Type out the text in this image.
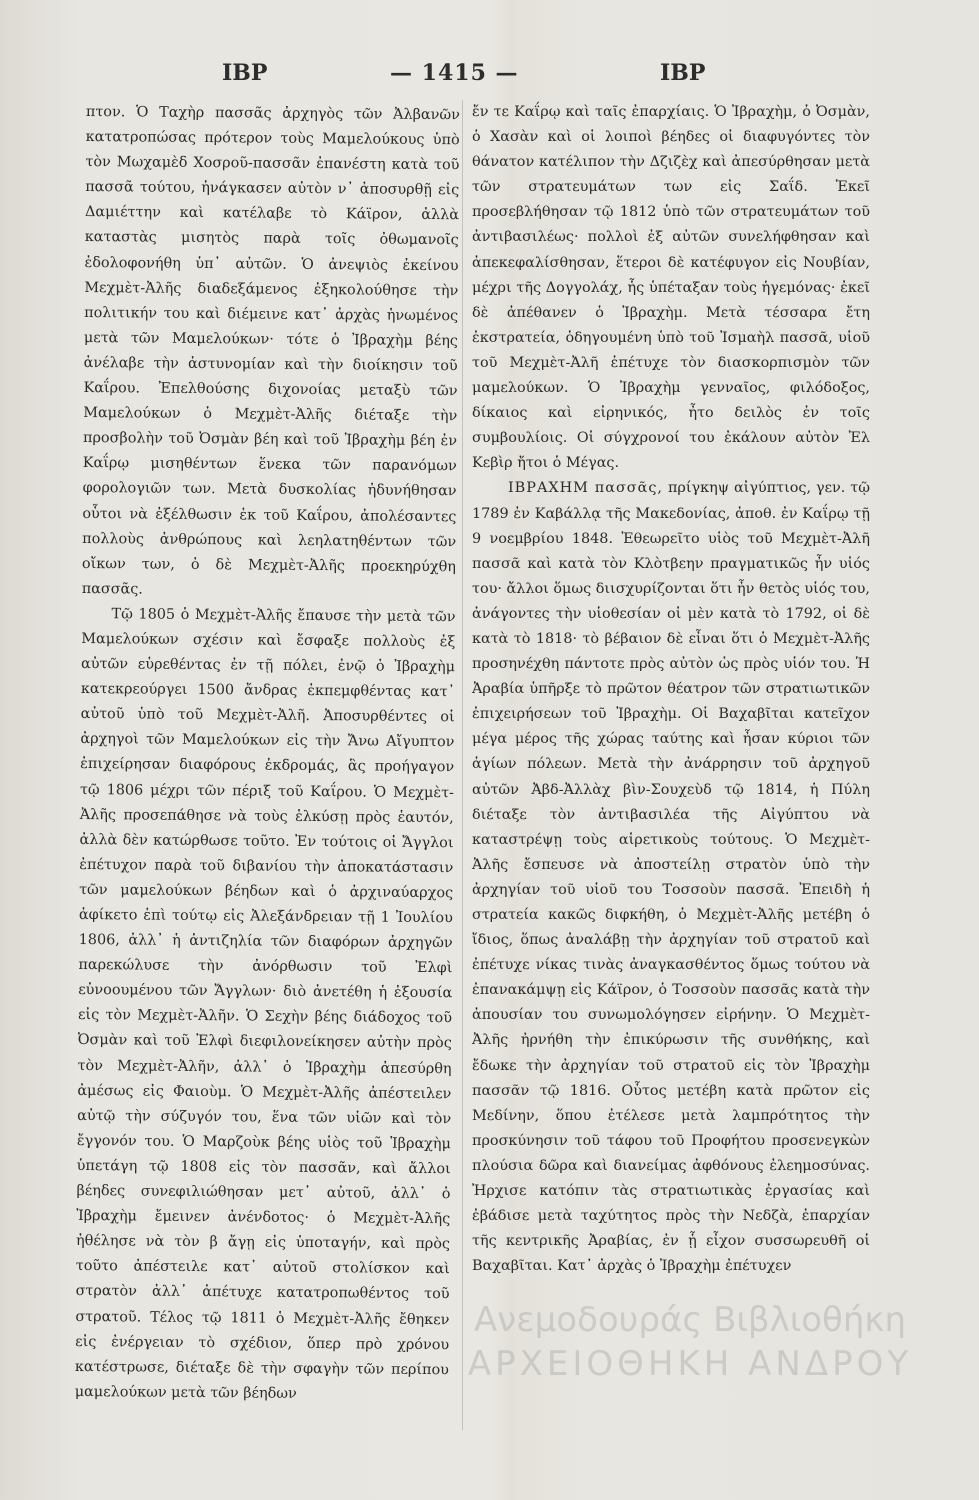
ΙΒΡ	— 1415 —	ΙΒΡ

πτον. Ὁ Ταχὴρ πασσᾶς ἀρχηγὸς τῶν Ἀλβανῶν κατατροπώσας πρότερον τοὺς Μαμελούκους ὑπὸ τὸν Μωχαμὲδ Χοσροῦ-πασσᾶν ἐπανέστη κατὰ τοῦ πασσᾶ τούτου, ἠνάγκασεν αὐτὸν ν᾿ ἀποσυρθῇ εἰς Δαμιέττην καὶ κατέλαβε τὸ Κάϊρον, ἀλλὰ καταστὰς μισητὸς παρὰ τοῖς ὀθωμανοῖς ἐδολοφονήθη ὑπ᾿ αὐτῶν. Ὁ ἀνεψιὸς ἐκείνου Μεχμὲτ-Ἀλῆς διαδεξάμενος ἐξηκολούθησε τὴν πολιτικήν του καὶ διέμεινε κατ᾿ ἀρχὰς ἡνωμένος μετὰ τῶν Μαμελούκων· τότε ὁ Ἰβραχὴμ βέης ἀνέλαβε τὴν ἀστυνομίαν καὶ τὴν διοίκησιν τοῦ Καΐρου. Ἐπελθούσης διχονοίας μεταξὺ τῶν Μαμελούκων ὁ Μεχμὲτ-Ἀλῆς διέταξε τὴν προσβολὴν τοῦ Ὀσμὰν βέη καὶ τοῦ Ἰβραχὴμ βέη ἐν Καΐρῳ μισηθέντων ἕνεκα τῶν παρανόμων φορολογιῶν των. Μετὰ δυσκολίας ἠδυνήθησαν οὗτοι νὰ ἐξέλθωσιν ἐκ τοῦ Καΐρου, ἀπολέσαντες πολλοὺς ἀνθρώπους καὶ λεηλατηθέντων τῶν οἴκων των, ὁ δὲ Μεχμὲτ-Ἀλῆς προεκηρύχθη πασσᾶς.

Τῷ 1805 ὁ Μεχμὲτ-Ἀλῆς ἔπαυσε τὴν μετὰ τῶν Μαμελούκων σχέσιν καὶ ἔσφαξε πολλοὺς ἐξ αὐτῶν εὑρεθέντας ἐν τῇ πόλει, ἐνῷ ὁ Ἰβραχὴμ κατεκρεούργει 1500 ἄνδρας ἐκπεμφθέντας κατ᾿ αὐτοῦ ὑπὸ τοῦ Μεχμὲτ-Ἀλῆ. Ἀποσυρθέντες οἱ ἀρχηγοὶ τῶν Μαμελούκων εἰς τὴν Ἄνω Αἴγυπτον ἐπιχείρησαν διαφόρους ἐκδρομάς, ἃς προήγαγον τῷ 1806 μέχρι τῶν πέριξ τοῦ Καΐρου. Ὁ Μεχμὲτ-Ἀλῆς προσεπάθησε νὰ τοὺς ἑλκύσῃ πρὸς ἑαυτόν, ἀλλὰ δὲν κατώρθωσε τοῦτο. Ἐν τούτοις οἱ Ἄγγλοι ἐπέτυχον παρὰ τοῦ διβανίου τὴν ἀποκατάστασιν τῶν μαμελούκων βέηδων καὶ ὁ ἀρχιναύαρχος ἀφίκετο ἐπὶ τούτῳ εἰς Ἀλεξάνδρειαν τῇ 1 Ἰουλίου 1806, ἀλλ᾿ ἡ ἀντιζηλία τῶν διαφόρων ἀρχηγῶν παρεκώλυσε τὴν ἀνόρθωσιν τοῦ Ἐλφὶ εὐνοουμένου τῶν Ἄγγλων· διὸ ἀνετέθη ἡ ἐξουσία εἰς τὸν Μεχμὲτ-Ἀλῆν. Ὁ Σεχὴν βέης διάδοχος τοῦ Ὀσμὰν καὶ τοῦ Ἐλφὶ διεφιλονείκησεν αὐτὴν πρὸς τὸν Μεχμὲτ-Ἀλῆν, ἀλλ᾿ ὁ Ἰβραχὴμ ἀπεσύρθη ἀμέσως εἰς Φαιοὺμ. Ὁ Μεχμὲτ-Ἀλῆς ἀπέστειλεν αὐτῷ τὴν σύζυγόν του, ἕνα τῶν υἱῶν καὶ τὸν ἔγγονόν του. Ὁ Μαρζοὺκ βέης υἱὸς τοῦ Ἰβραχὴμ ὑπετάγη τῷ 1808 εἰς τὸν πασσᾶν, καὶ ἄλλοι βέηδες συνεφιλιώθησαν μετ᾿ αὐτοῦ, ἀλλ᾿ ὁ Ἰβραχὴμ ἔμεινεν ἀνένδοτος· ὁ Μεχμὲτ-Ἀλῆς ἠθέλησε νὰ τὸν β ἄγῃ εἰς ὑποταγήν, καὶ πρὸς τοῦτο ἀπέστειλε κατ᾿ αὐτοῦ στολίσκον καὶ στρατὸν ἀλλ᾿ ἀπέτυχε κατατροπωθέντος τοῦ στρατοῦ. Τέλος τῷ 1811 ὁ Μεχμὲτ-Ἀλῆς ἔθηκεν εἰς ἐνέργειαν τὸ σχέδιον, ὅπερ πρὸ χρόνου κατέστρωσε, διέταξε δὲ τὴν σφαγὴν τῶν περίπου μαμελούκων μετὰ τῶν βέηδων

ἔν τε Καΐρῳ καὶ ταῖς ἐπαρχίαις. Ὁ Ἰβραχὴμ, ὁ Ὀσμὰν, ὁ Χασὰν καὶ οἱ λοιποὶ βέηδες οἱ διαφυγόντες τὸν θάνατον κατέλιπον τὴν Δζιζὲχ καὶ ἀπεσύρθησαν μετὰ τῶν στρατευμάτων των εἰς Σαΐδ. Ἐκεῖ προσεβλήθησαν τῷ 1812 ὑπὸ τῶν στρατευμάτων τοῦ ἀντιβασιλέως· πολλοὶ ἐξ αὐτῶν συνελήφθησαν καὶ ἀπεκεφαλίσθησαν, ἕτεροι δὲ κατέφυγον εἰς Νουβίαν, μέχρι τῆς Δογγολάχ, ἧς ὑπέταξαν τοὺς ἡγεμόνας· ἐκεῖ δὲ ἀπέθανεν ὁ Ἰβραχὴμ. Μετὰ τέσσαρα ἔτη ἐκστρατεία, ὁδηγουμένη ὑπὸ τοῦ Ἰσμαὴλ πασσᾶ, υἱοῦ τοῦ Μεχμὲτ-Ἀλῆ ἐπέτυχε τὸν διασκορπισμὸν τῶν μαμελούκων. Ὁ Ἰβραχὴμ γενναῖος, φιλόδοξος, δίκαιος καὶ εἰρηνικός, ἦτο δειλὸς ἐν τοῖς συμβουλίοις. Οἱ σύγχρονοί του ἐκάλουν αὐτὸν Ἐλ Κεβὶρ ἤτοι ὁ Μέγας.

ΙΒΡΑΧΗΜ πασσᾶς, πρίγκηψ αἰγύπτιος, γεν. τῷ 1789 ἐν Καβάλλᾳ τῆς Μακεδονίας, ἀποθ. ἐν Καΐρῳ τῇ 9 νοεμβρίου 1848. Ἐθεωρεῖτο υἱὸς τοῦ Μεχμὲτ-Ἀλῆ πασσᾶ καὶ κατὰ τὸν Κλὸτβεην πραγματικῶς ἦν υἱός του· ἄλλοι ὅμως διισχυρίζονται ὅτι ἦν θετὸς υἱός του, ἀνάγοντες τὴν υἱοθεσίαν οἱ μὲν κατὰ τὸ 1792, οἱ δὲ κατὰ τὸ 1818· τὸ βέβαιον δὲ εἶναι ὅτι ὁ Μεχμὲτ-Ἀλῆς προσηνέχθη πάντοτε πρὸς αὐτὸν ὡς πρὸς υἱόν του. Ἡ Ἀραβία ὑπῆρξε τὸ πρῶτον θέατρον τῶν στρατιωτικῶν ἐπιχειρήσεων τοῦ Ἰβραχὴμ. Οἱ Βαχαβῖται κατεῖχον μέγα μέρος τῆς χώρας ταύτης καὶ ἦσαν κύριοι τῶν ἁγίων πόλεων. Μετὰ τὴν ἀνάρρησιν τοῦ ἀρχηγοῦ αὐτῶν Ἀβδ-Ἀλλὰχ βὶν-Σουχεὺδ τῷ 1814, ἡ Πύλη διέταξε τὸν ἀντιβασιλέα τῆς Αἰγύπτου νὰ καταστρέψῃ τοὺς αἱρετικοὺς τούτους. Ὁ Μεχμὲτ-Ἀλῆς ἔσπευσε νὰ ἀποστείλῃ στρατὸν ὑπὸ τὴν ἀρχηγίαν τοῦ υἱοῦ του Τοσσοὺν πασσᾶ. Ἐπειδὴ ἡ στρατεία κακῶς διφκήθη, ὁ Μεχμὲτ-Ἀλῆς μετέβη ὁ ἴδιος, ὅπως ἀναλάβῃ τὴν ἀρχηγίαν τοῦ στρατοῦ καὶ ἐπέτυχε νίκας τινὰς ἀναγκασθέντος ὅμως τούτου νὰ ἐπανακάμψῃ εἰς Κάϊρον, ὁ Τοσσοὺν πασσᾶς κατὰ τὴν ἀπουσίαν του συνωμολόγησεν εἰρήνην. Ὁ Μεχμὲτ-Ἀλῆς ἠρνήθη τὴν ἐπικύρωσιν τῆς συνθήκης, καὶ ἔδωκε τὴν ἀρχηγίαν τοῦ στρατοῦ εἰς τὸν Ἰβραχὴμ πασσᾶν τῷ 1816. Οὗτος μετέβη κατὰ πρῶτον εἰς Μεδίνην, ὅπου ἐτέλεσε μετὰ λαμπρότητος τὴν προσκύνησιν τοῦ τάφου τοῦ Προφήτου προσενεγκὼν πλούσια δῶρα καὶ διανείμας ἀφθόνους ἐλεημοσύνας. Ἠρχισε κατόπιν τὰς στρατιωτικὰς ἐργασίας καὶ ἐβάδισε μετὰ ταχύτητος πρὸς τὴν Νεδζὰ, ἐπαρχίαν τῆς κεντρικῆς Ἀραβίας, ἐν ᾗ εἶχον συσσωρευθῆ οἱ Βαχαβῖται. Κατ᾿ ἀρχὰς ὁ Ἰβραχὴμ ἐπέτυχεν

Ανεμοδουράς Βιβλιοθήκη
ΑΡΧΕΙΟΘΗΚΗ ΑΝΔΡΟΥ
